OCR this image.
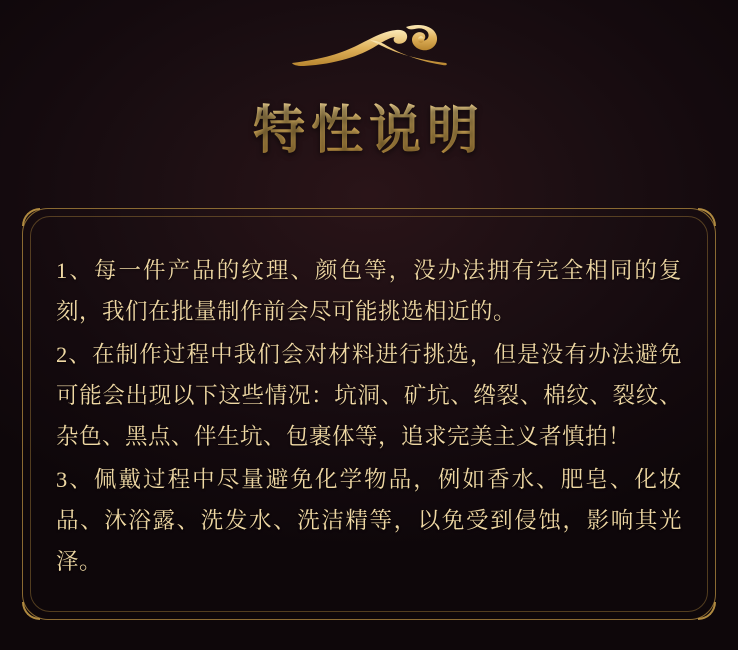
特性说明

1、每一件产品的纹理、颜色等，没办法拥有完全相同的复刻，我们在批量制作前会尽可能挑选相近的。

2、在制作过程中我们会对材料进行挑选，但是没有办法避免可能会出现以下这些情况：坑洞、矿坑、绺裂、棉纹、裂纹、杂色、黑点、伴生坑、包裹体等，追求完美主义者慎拍！

3、佩戴过程中尽量避免化学物品，例如香水、肥皂、化妆品、沐浴露、洗发水、洗洁精等，以免受到侵蚀，影响其光泽。
